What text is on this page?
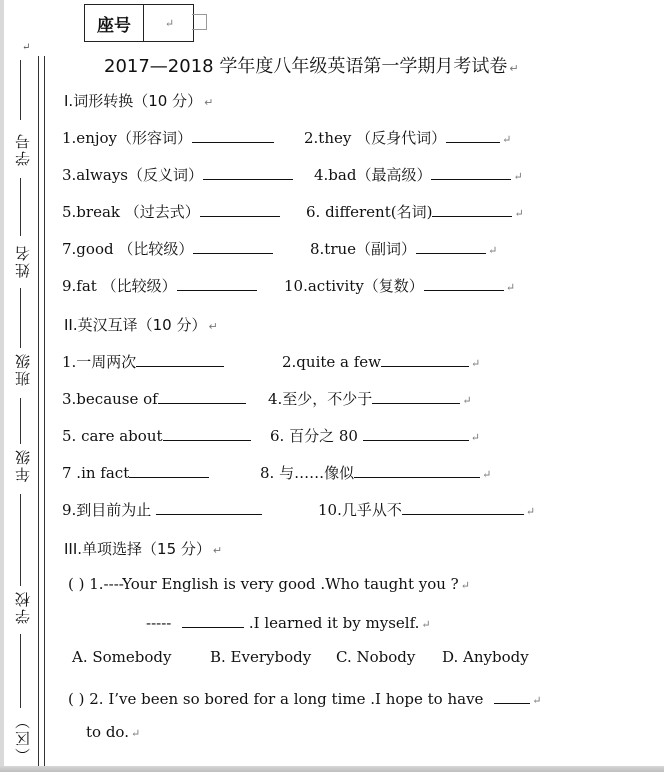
座号	↵
↵
学号
姓名
班级
年级
学校
（区）
2017—2018 学年度八年级英语第一学期月考试卷 ↵
Ⅰ.词形转换（10 分） ↵
1.enjoy（形容词）	2.they （反身代词）	↵
3.always（反义词）	4.bad（最高级）	↵
5.break （过去式）	6. different(名词)	↵
7.good （比较级）	8.true（副词）	↵
9.fat （比较级）	10.activity（复数）	↵
II.英汉互译（10 分） ↵
1.一周两次	2.quite a few	↵
3.because of	4.至少，不少于	↵
5. care about	6. 百分之 80	↵
7 .in fact	8. 与……像似	↵
9.到目前为止	10.几乎从不	↵
III.单项选择（15 分） ↵
( ) 1.----Your English is very good .Who taught you ? ↵
-----	.I learned it by myself. ↵
A. Somebody	B. Everybody C. Nobody D. Anybody
( ) 2. I’ve been so bored for a long time .I hope to have	↵
to do. ↵
